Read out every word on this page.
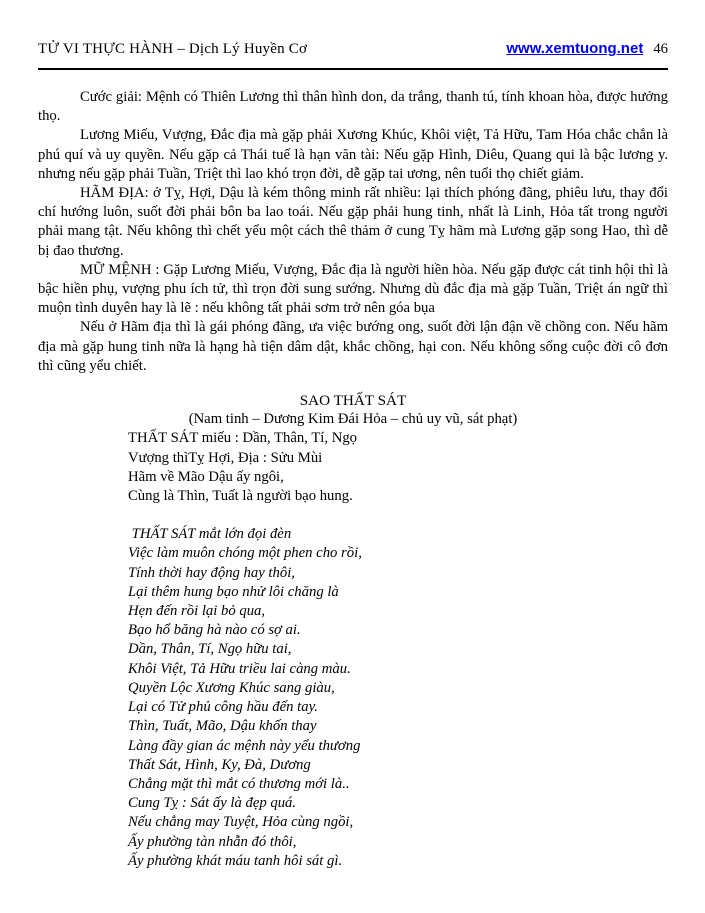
TỬ VI THỰC HÀNH – Dịch Lý Huyền Cơ	www.xemtuong.net 46

Cước giải: Mệnh có Thiên Lương thì thân hình don, da trắng, thanh tú, tính khoan hòa, được hưởng thọ.

Lương Miếu, Vượng, Đắc địa mà gặp phải Xương Khúc, Khôi việt, Tả Hữu, Tam Hóa chắc chắn là phú quí và uy quyền. Nếu gặp cả Thái tuế là hạn văn tài: Nếu gặp Hình, Diêu, Quang qui là bậc lương y. nhưng nếu gặp phải Tuần, Triệt thì lao khó trọn đời, dễ gặp tai ương, nên tuổi thọ chiết giảm.

HÃM ĐỊA: ở Tỵ, Hợi, Dậu là kém thông minh rất nhiều: lại thích phóng đãng, phiêu lưu, thay đổi chí hướng luôn, suốt đời phải bôn ba lao toái. Nếu gặp phải hung tinh, nhất là Linh, Hỏa tất trong người phải mang tật. Nếu không thì chết yểu một cách thê thảm ở cung Tỵ hãm mà Lương gặp song Hao, thì dễ bị đao thương.

MỮ MỆNH : Gặp Lương Miếu, Vượng, Đắc địa là người hiền hòa. Nếu gặp được cát tinh hội thì là bậc hiền phụ, vượng phu ích tử, thì trọn đời sung sướng. Nhưng dù đắc địa mà gặp Tuần, Triệt án ngữ thì muộn tình duyên hay là lẽ : nếu không tất phải sơm trở nên góa bụa

Nếu ở Hãm địa thì là gái phóng đãng, ưa việc bướng ong, suốt đời lận đận về chồng con. Nếu hãm địa mà gặp hung tinh nữa là hạng hà tiện dâm dật, khắc chồng, hại con. Nếu không sống cuộc đời cô đơn thì cũng yểu chiết.

SAO THẤT SÁT
(Nam tinh – Dương Kim Đái Hỏa – chủ uy vũ, sát phạt)
THẤT SÁT miếu : Dần, Thân, Tí, Ngọ
Vượng thìTỵ Hợi, Địa : Sửu Mùi
Hãm về Mão Dậu ấy ngôi,
Cùng là Thìn, Tuất là người bạo hung.
THẤT SÁT mắt lớn đọi đèn
Việc làm muôn chóng một phen cho rồi,
Tính thời hay động hay thôi,
Lại thêm hung bạo nhử lôi chăng là
Hẹn đến rồi lại bỏ qua,
Bạo hổ băng hà nào có sợ ai.
Dần, Thân, Tí, Ngọ hữu tai,
Khôi Việt, Tả Hữu triều lai càng màu.
Quyền Lộc Xương Khúc sang giàu,
Lại có Tử phủ công hầu đến tay.
Thìn, Tuất, Mão, Dậu khốn thay
Làng đầy gian ác mệnh này yểu thương
Thất Sát, Hình, Ky, Đà, Dương
Chẳng mặt thì mắt có thương mới là..
Cung Tỵ : Sát ấy là đẹp quá.
Nếu chẳng may Tuyệt, Hỏa cùng ngồi,
Ấy phường tàn nhẫn đó thôi,
Ấy phường khát máu tanh hôi sát gì.
